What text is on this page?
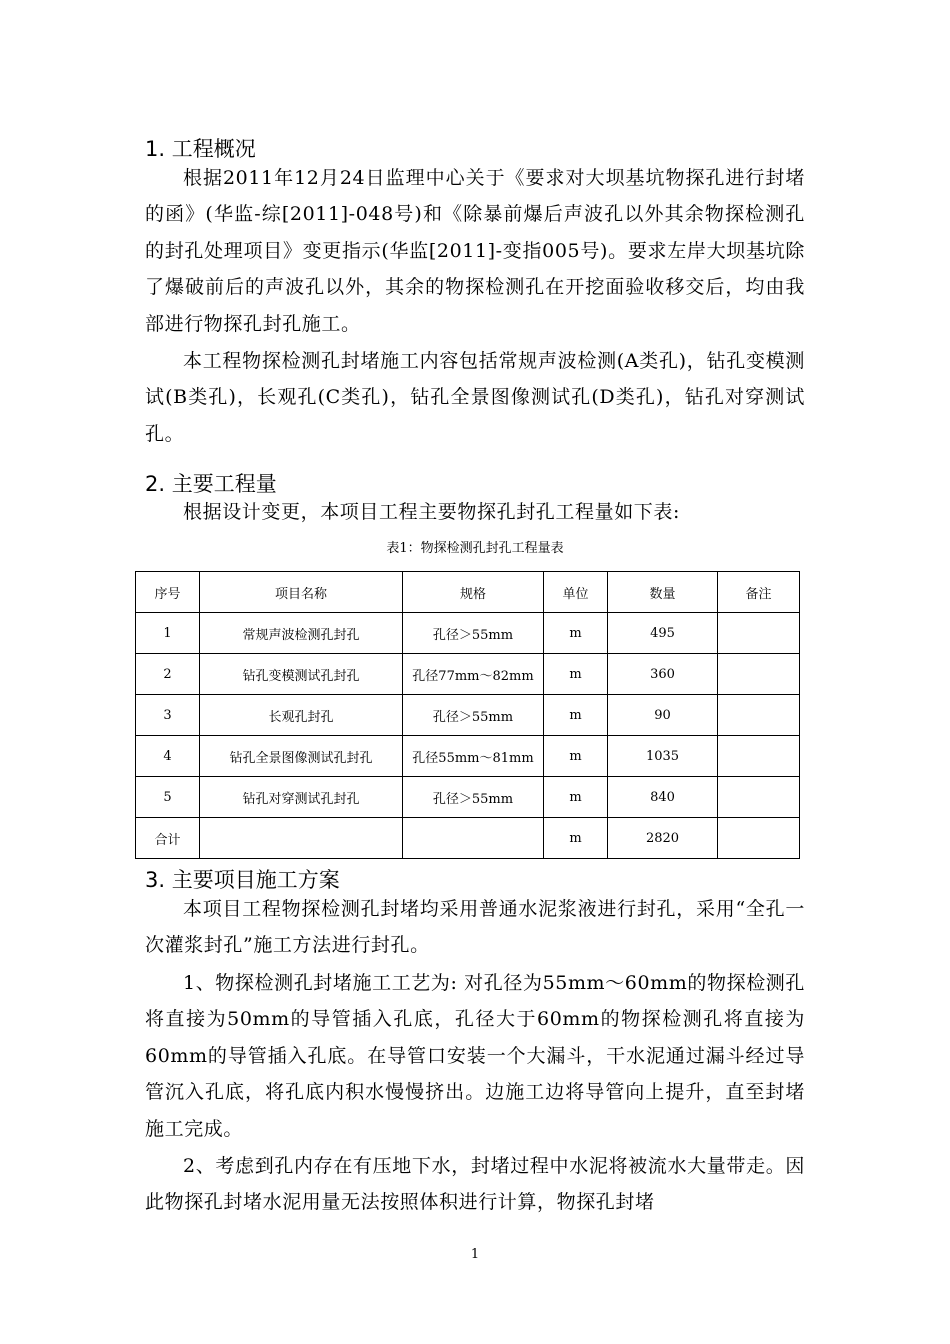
1. 工程概况

根据2011年12月24日监理中心关于《要求对大坝基坑物探孔进行封堵的函》(华监-综[2011]-048号)和《除暴前爆后声波孔以外其余物探检测孔的封孔处理项目》变更指示(华监[2011]-变指005号)。要求左岸大坝基坑除了爆破前后的声波孔以外，其余的物探检测孔在开挖面验收移交后，均由我部进行物探孔封孔施工。

本工程物探检测孔封堵施工内容包括常规声波检测(A类孔)，钻孔变模测试(B类孔)，长观孔(C类孔)，钻孔全景图像测试孔(D类孔)，钻孔对穿测试孔。

2. 主要工程量

根据设计变更，本项目工程主要物探孔封孔工程量如下表:

表1：物探检测孔封孔工程量表
序号	项目名称	规格	单位	数量	备注
1	常规声波检测孔封孔	孔径＞55mm	m	495	
2	钻孔变模测试孔封孔	孔径77mm～82mm	m	360	
3	长观孔封孔	孔径＞55mm	m	90	
4	钻孔全景图像测试孔封孔	孔径55mm～81mm	m	1035	
5	钻孔对穿测试孔封孔	孔径＞55mm	m	840	
合计			m	2820	
3. 主要项目施工方案

本项目工程物探检测孔封堵均采用普通水泥浆液进行封孔，采用“全孔一次灌浆封孔”施工方法进行封孔。

1、物探检测孔封堵施工工艺为: 对孔径为55mm～60mm的物探检测孔将直接为50mm的导管插入孔底，孔径大于60mm的物探检测孔将直接为60mm的导管插入孔底。在导管口安装一个大漏斗，干水泥通过漏斗经过导管沉入孔底，将孔底内积水慢慢挤出。边施工边将导管向上提升，直至封堵施工完成。

2、考虑到孔内存在有压地下水，封堵过程中水泥将被流水大量带走。因此物探孔封堵水泥用量无法按照体积进行计算，物探孔封堵

1
